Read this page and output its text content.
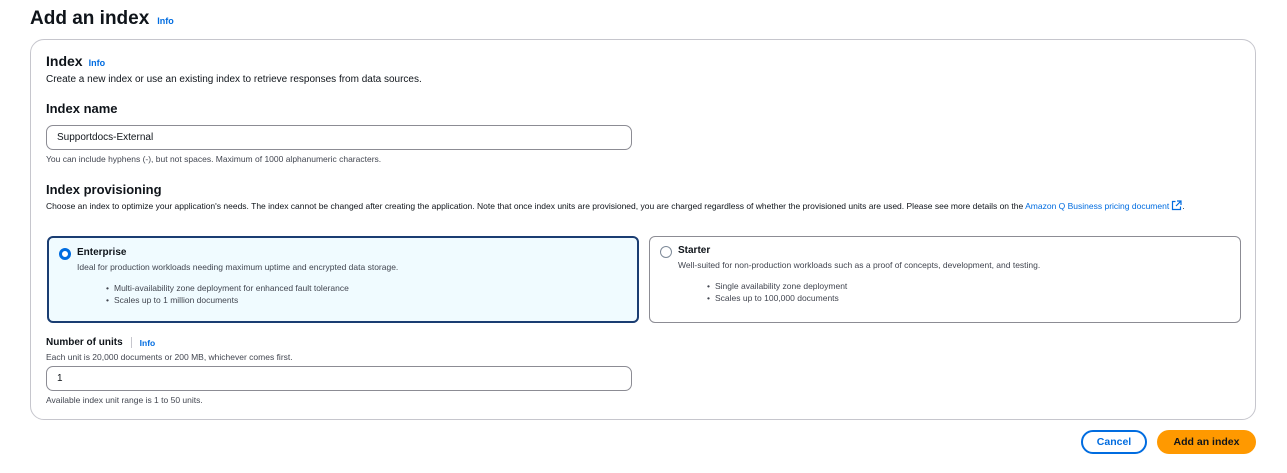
Add an index Info
Index Info
Create a new index or use an existing index to retrieve responses from data sources.
Index name
Supportdocs-External
You can include hyphens (-), but not spaces. Maximum of 1000 alphanumeric characters.
Index provisioning
Choose an index to optimize your application's needs. The index cannot be changed after creating the application. Note that once index units are provisioned, you are charged regardless of whether the provisioned units are used. Please see more details on the Amazon Q Business pricing document .
Enterprise
Ideal for production workloads needing maximum uptime and encrypted data storage.
• Multi-availability zone deployment for enhanced fault tolerance
• Scales up to 1 million documents
Starter
Well-suited for non-production workloads such as a proof of concepts, development, and testing.
• Single availability zone deployment
• Scales up to 100,000 documents
Number of units Info
Each unit is 20,000 documents or 200 MB, whichever comes first.
1
Available index unit range is 1 to 50 units.
Cancel	Add an index
